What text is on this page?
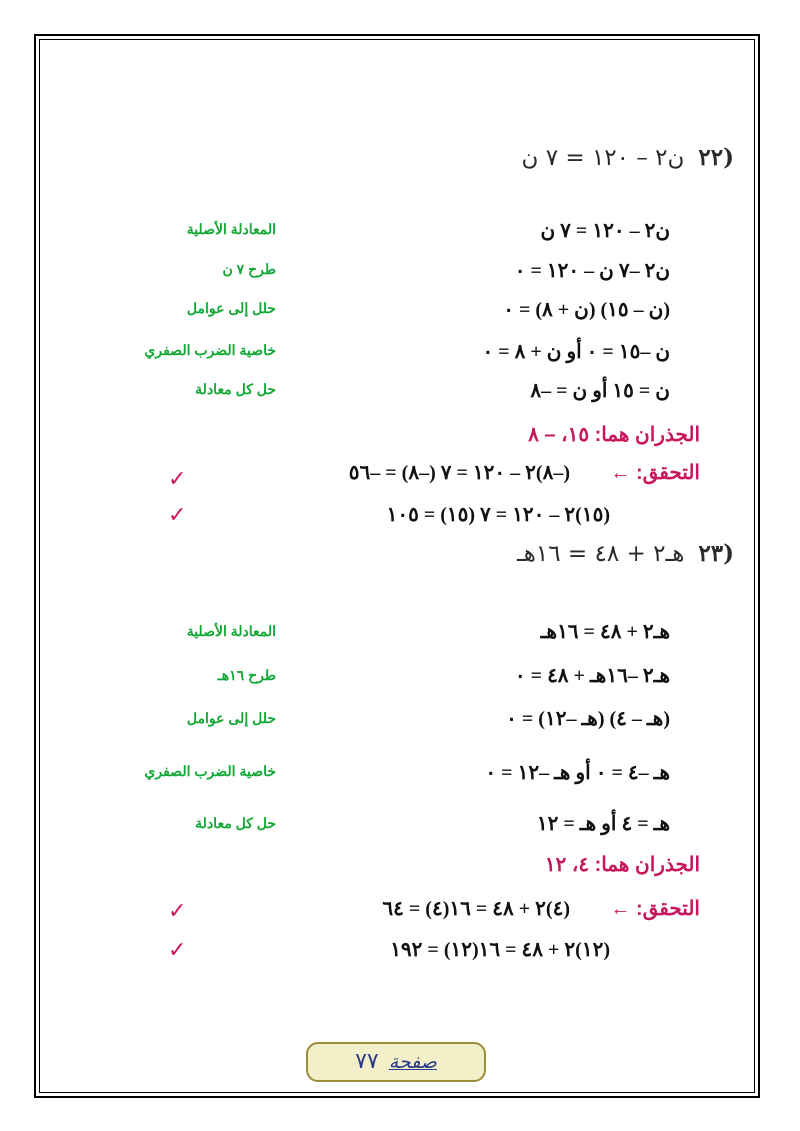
(٢٢ن٢ – ١٢٠ = ٧ ن
ن٢ – ١٢٠ = ٧ ن
المعادلة الأصلية
ن٢ –٧ ن – ١٢٠ = ٠
طرح ٧ ن
(ن – ١٥) (ن + ٨) = ٠
حلل إلى عوامل
ن –١٥ = ٠ أو ن + ٨ = ٠
خاصية الضرب الصفري
ن = ١٥ أو ن = –٨
حل كل معادلة
الجذران هما: ١٥، – ٨
التحقق: ←
(–٨)٢ – ١٢٠ = ٧ (–٨) = –٥٦
✓
(١٥)٢ – ١٢٠ = ٧ (١٥) = ١٠٥
✓
(٢٣هـ٢ + ٤٨ = ١٦هـ
هـ٢ + ٤٨ = ١٦هـ
المعادلة الأصلية
هـ٢ –١٦هـ + ٤٨ = ٠
طرح ١٦هـ
(هـ – ٤) (هـ –١٢) = ٠
حلل إلى عوامل
هـ –٤ = ٠ أو هـ –١٢ = ٠
خاصية الضرب الصفري
هـ = ٤ أو هـ = ١٢
حل كل معادلة
الجذران هما: ٤، ١٢
التحقق: ←
(٤)٢ + ٤٨ = ١٦(٤) = ٦٤
✓
(١٢)٢ + ٤٨ = ١٦(١٢) = ١٩٢
✓
صفحة٧٧
